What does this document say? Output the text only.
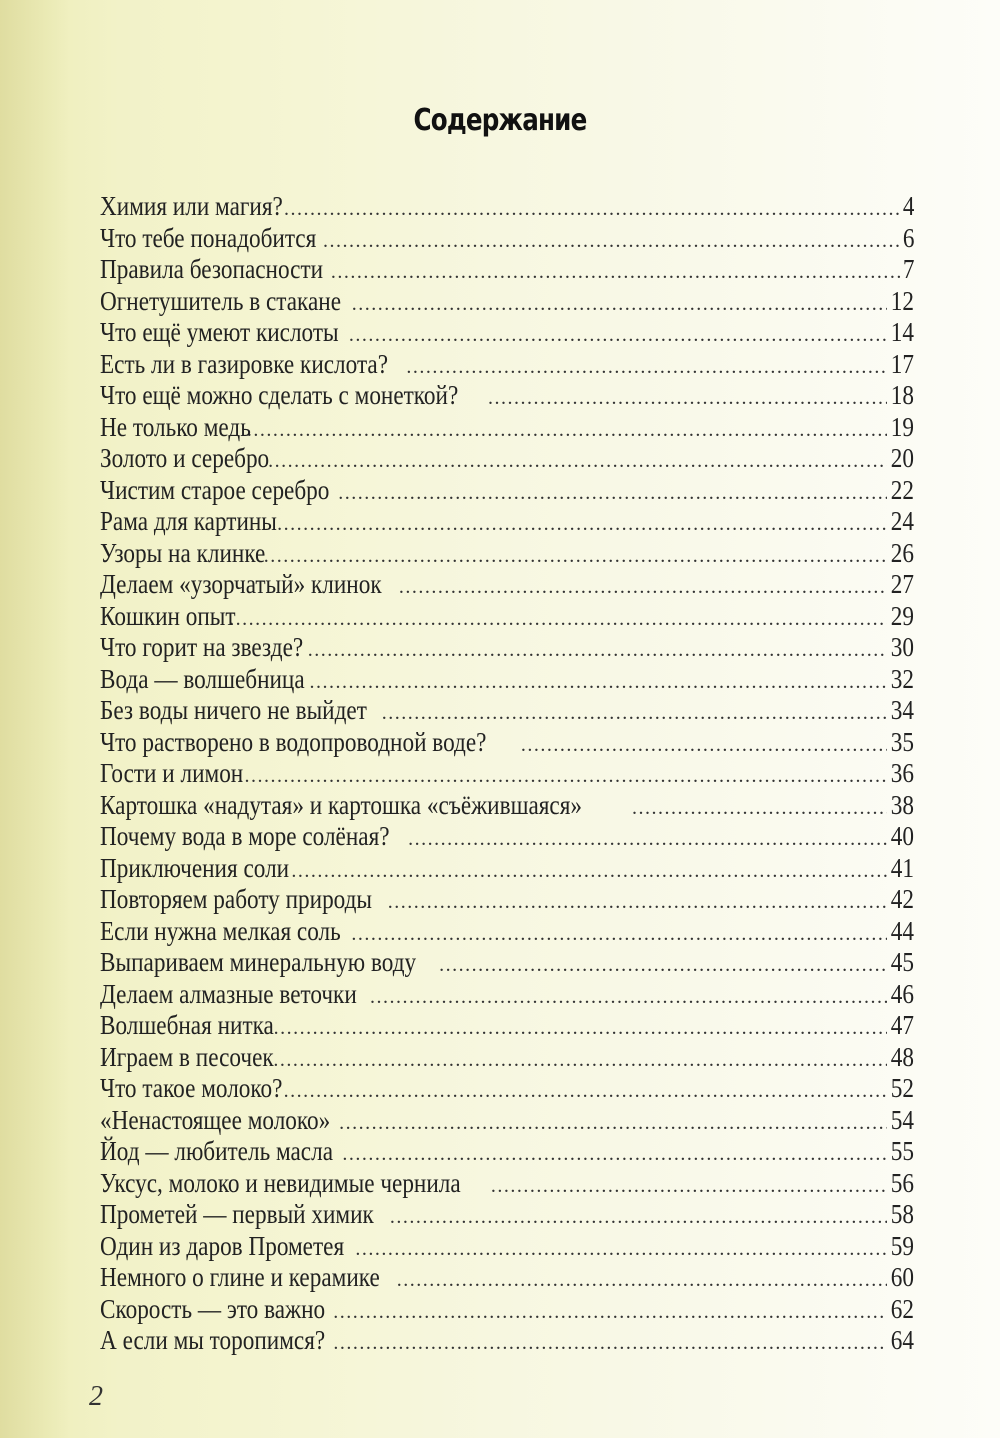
Содержание
Химия или магия? .....	4
Что тебе понадобится .....	6
Правила безопасности .....	7
Огнетушитель в стакане .....	12
Что ещё умеют кислоты .....	14
Есть ли в газировке кислота? .....	17
Что ещё можно сделать с монеткой? .....	18
Не только медь .....	19
Золото и серебро .....	20
Чистим старое серебро .....	22
Рама для картины .....	24
Узоры на клинке .....	26
Делаем «узорчатый» клинок .....	27
Кошкин опыт .....	29
Что горит на звезде? .....	30
Вода — волшебница .....	32
Без воды ничего не выйдет .....	34
Что растворено в водопроводной воде? .....	35
Гости и лимон .....	36
Картошка «надутая» и картошка «съёжившаяся» .....	38
Почему вода в море солёная? .....	40
Приключения соли .....	41
Повторяем работу природы .....	42
Если нужна мелкая соль .....	44
Выпариваем минеральную воду .....	45
Делаем алмазные веточки .....	46
Волшебная нитка .....	47
Играем в песочек .....	48
Что такое молоко? .....	52
«Ненастоящее молоко» .....	54
Йод — любитель масла .....	55
Уксус, молоко и невидимые чернила .....	56
Прометей — первый химик .....	58
Один из даров Прометея .....	59
Немного о глине и керамике .....	60
Скорость — это важно .....	62
А если мы торопимся? .....	64
2
